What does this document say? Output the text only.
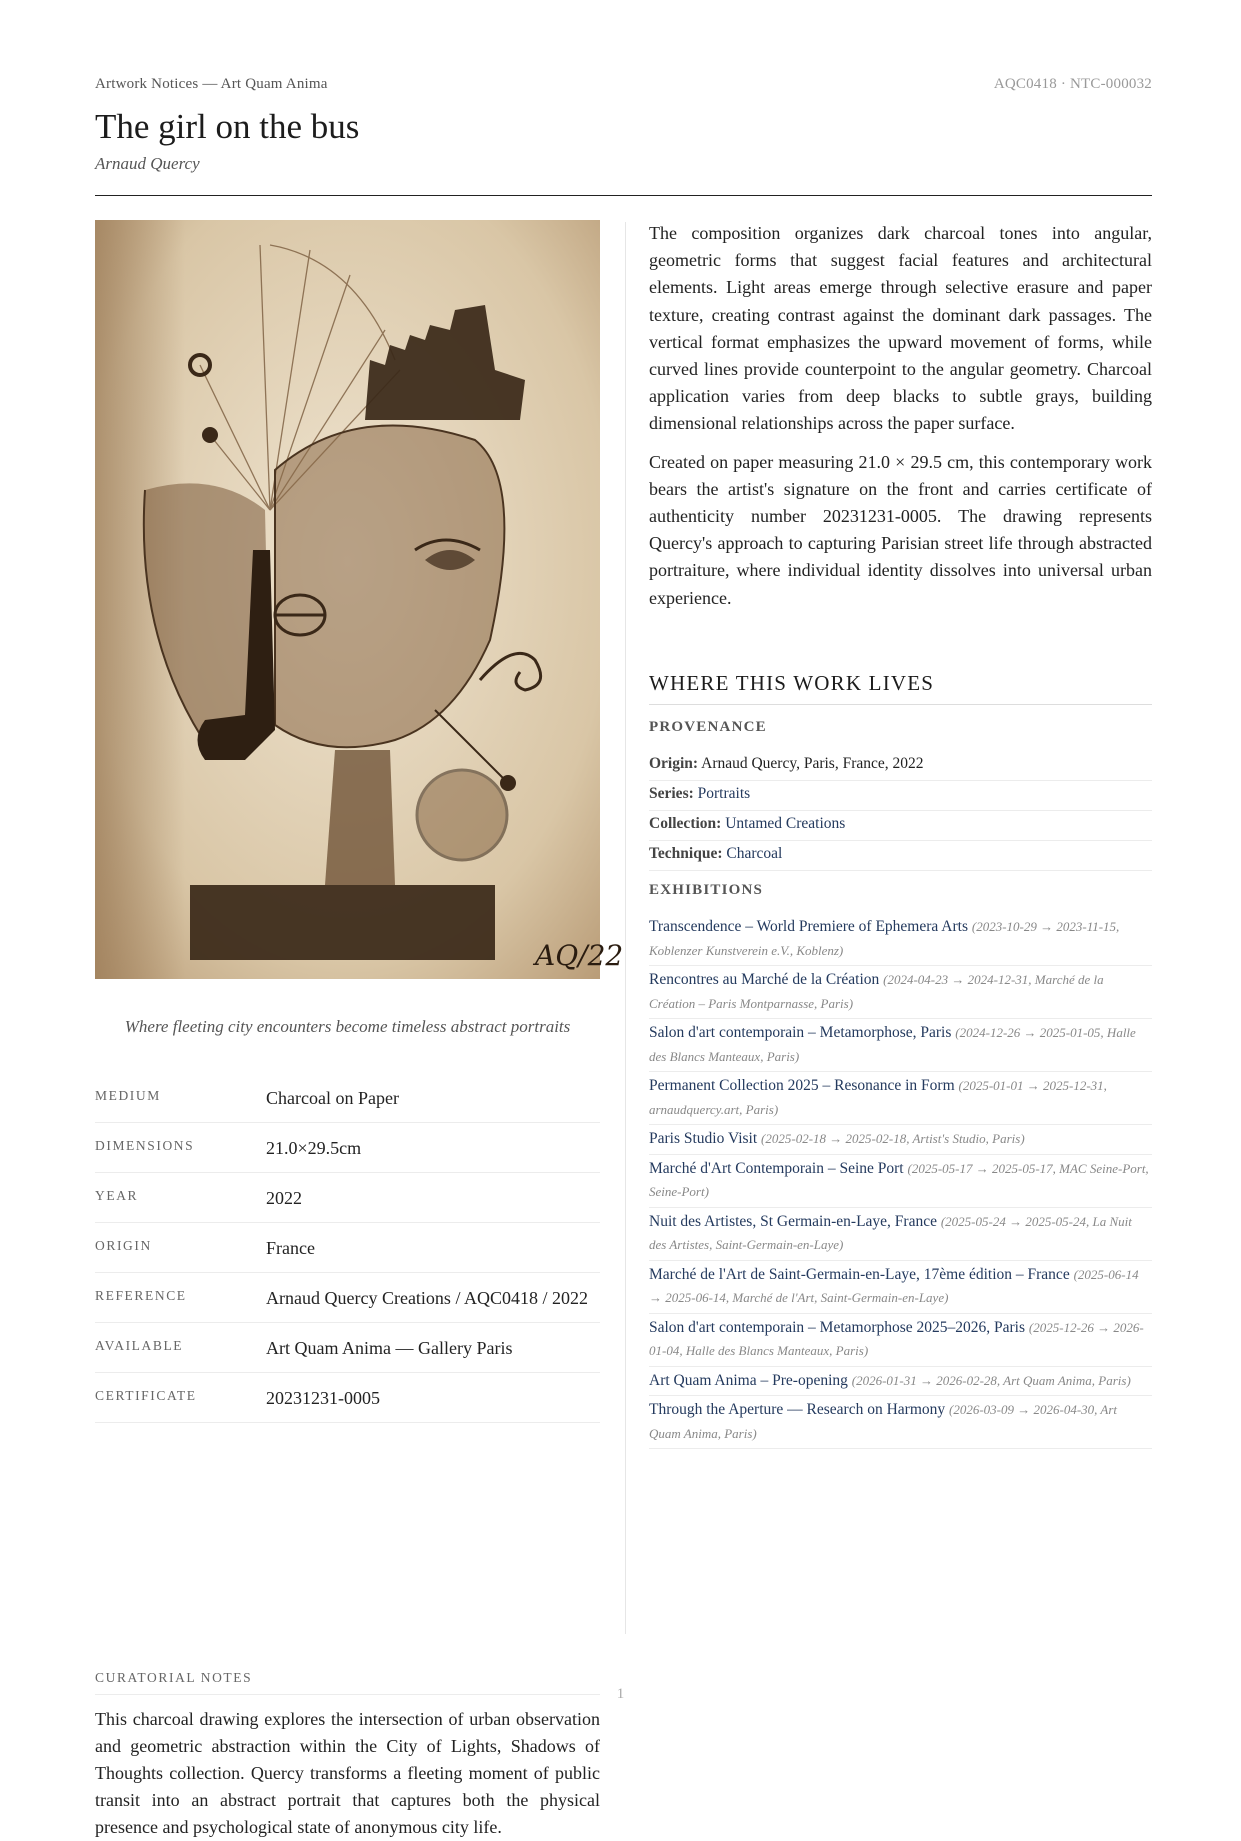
Artwork Notices — Art Quam Anima	AQC0418 · NTC-000032
The girl on the bus
Arnaud Quercy
AQ/22
Where fleeting city encounters become timeless abstract portraits
MEDIUM	Charcoal on Paper
DIMENSIONS	21.0×29.5cm
YEAR	2022
ORIGIN	France
REFERENCE	Arnaud Quercy Creations / AQC0418 / 2022
AVAILABLE	Art Quam Anima — Gallery Paris
CERTIFICATE	20231231-0005
CURATORIAL NOTES

This charcoal drawing explores the intersection of urban observation and geometric abstraction within the City of Lights, Shadows of Thoughts collection. Quercy transforms a fleeting moment of public transit into an abstract portrait that captures both the physical presence and psychological state of anonymous city life.

The composition organizes dark charcoal tones into angular, geometric forms that suggest facial features and architectural elements. Light areas emerge through selective erasure and paper texture, creating contrast against the dominant dark passages. The vertical format emphasizes the upward movement of forms, while curved lines provide counterpoint to the angular geometry. Charcoal application varies from deep blacks to subtle grays, building dimensional relationships across the paper surface.

Created on paper measuring 21.0 × 29.5 cm, this contemporary work bears the artist's signature on the front and carries certificate of authenticity number 20231231-0005. The drawing represents Quercy's approach to capturing Parisian street life through abstracted portraiture, where individual identity dissolves into universal urban experience.

WHERE THIS WORK LIVES
PROVENANCE
Origin: Arnaud Quercy, Paris, France, 2022
Series: Portraits
Collection: Untamed Creations
Technique: Charcoal
EXHIBITIONS
Transcendence – World Premiere of Ephemera Arts (2023-10-29 → 2023-11-15, Koblenzer Kunstverein e.V., Koblenz)
Rencontres au Marché de la Création (2024-04-23 → 2024-12-31, Marché de la Création – Paris Montparnasse, Paris)
Salon d'art contemporain – Metamorphose, Paris (2024-12-26 → 2025-01-05, Halle des Blancs Manteaux, Paris)
Permanent Collection 2025 – Resonance in Form (2025-01-01 → 2025-12-31, arnaudquercy.art, Paris)
Paris Studio Visit (2025-02-18 → 2025-02-18, Artist's Studio, Paris)
Marché d'Art Contemporain – Seine Port (2025-05-17 → 2025-05-17, MAC Seine-Port, Seine-Port)
Nuit des Artistes, St Germain-en-Laye, France (2025-05-24 → 2025-05-24, La Nuit des Artistes, Saint-Germain-en-Laye)
Marché de l'Art de Saint-Germain-en-Laye, 17ème édition – France (2025-06-14 → 2025-06-14, Marché de l'Art, Saint-Germain-en-Laye)
Salon d'art contemporain – Metamorphose 2025–2026, Paris (2025-12-26 → 2026-01-04, Halle des Blancs Manteaux, Paris)
Art Quam Anima – Pre-opening (2026-01-31 → 2026-02-28, Art Quam Anima, Paris)
Through the Aperture — Research on Harmony (2026-03-09 → 2026-04-30, Art Quam Anima, Paris)
1
